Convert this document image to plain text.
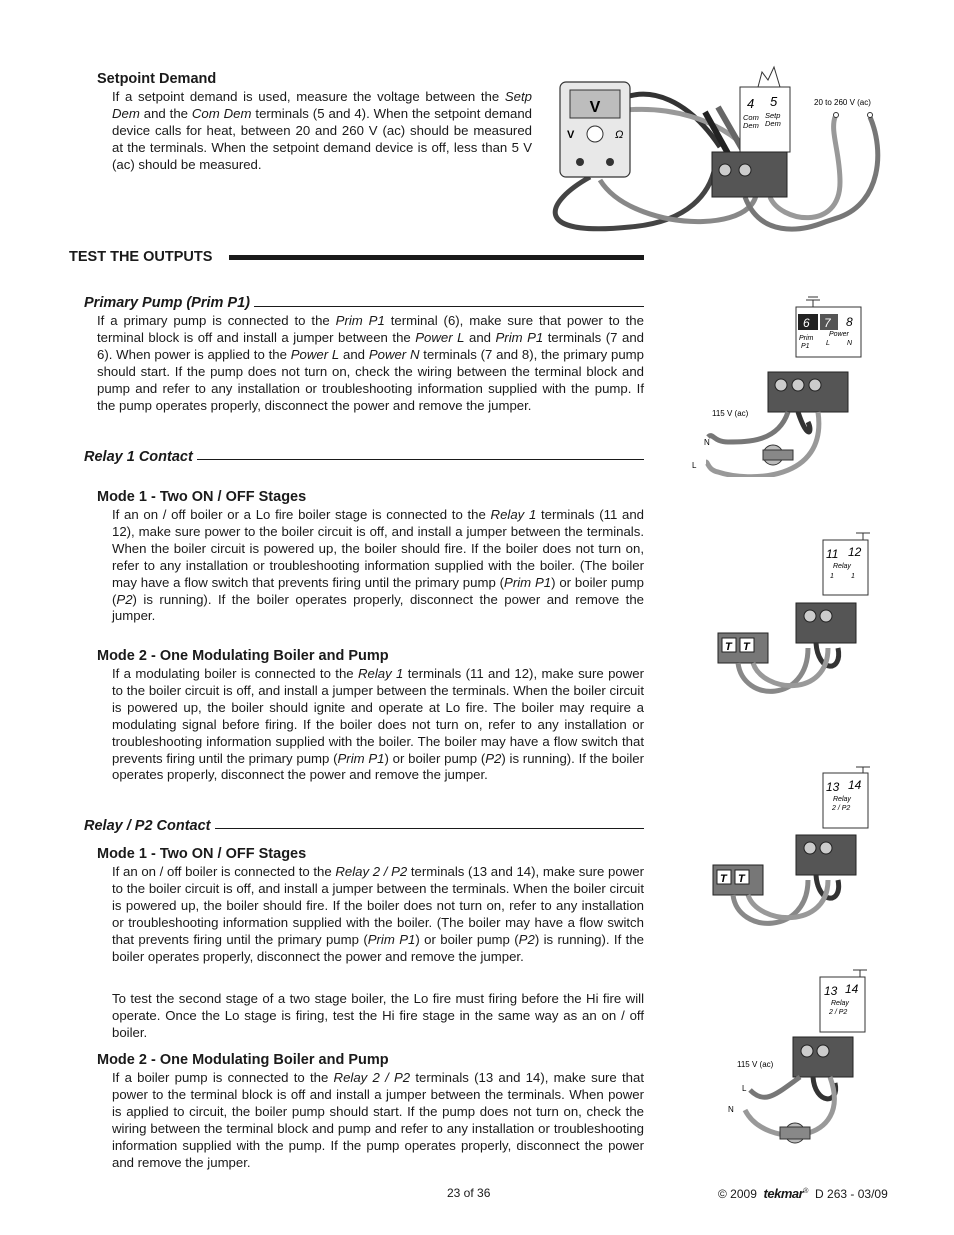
Setpoint Demand

If a setpoint demand is used, measure the voltage between the Setp Dem and the Com Dem terminals (5 and 4). When the setpoint demand device calls for heat, between 20 and 260 V (ac) should be measured at the terminals. When the setpoint demand device is off, less than 5 V (ac) should be measured.

V
V	Ω
4 5
Com
Dem
Setp
Dem
20 to 260 V (ac)
TEST THE OUTPUTS
Primary Pump (Prim P1)

If a primary pump is connected to the Prim P1 terminal (6), make sure that power to the terminal block is off and install a jumper between the Power L and Prim P1 terminals (7 and 6). When power is applied to the Power L and Power N terminals (7 and 8), the primary pump should start. If the pump does not turn on, check the wiring between the terminal block and pump and refer to any installation or troubleshooting information supplied with the pump. If the pump operates properly, disconnect the power and remove the jumper.

6 7 8
Prim
P1
Power
L N
115 V (ac)
N
L
Relay 1 Contact
Mode 1 - Two ON / OFF Stages

If an on / off boiler or a Lo fire boiler stage is connected to the Relay 1 terminals (11 and 12), make sure power to the boiler circuit is off, and install a jumper between the terminals. When the boiler circuit is powered up, the boiler should fire. If the boiler does not turn on, refer to any installation or troubleshooting information supplied with the boiler. (The boiler may have a flow switch that prevents firing until the primary pump (Prim P1) or boiler pump (P2) is running). If the boiler operates properly, disconnect the power and remove the jumper.

Mode 2 - One Modulating Boiler and Pump

If a modulating boiler is connected to the Relay 1 terminals (11 and 12), make sure power to the boiler circuit is off, and install a jumper between the terminals. When the boiler circuit is powered up, the boiler should ignite and operate at Lo fire. The boiler may require a modulating signal before firing. If the boiler does not turn on, refer to any installation or troubleshooting information supplied with the boiler. The boiler may have a flow switch that prevents firing until the primary pump (Prim P1) or boiler pump (P2) is running). If the boiler operates properly, disconnect the power and remove the jumper.

11 12
Relay
1 1
T T
Relay / P2 Contact
Mode 1 - Two ON / OFF Stages

If an on / off boiler is connected to the Relay 2 / P2 terminals (13 and 14), make sure power to the boiler circuit is off, and install a jumper between the terminals. When the boiler circuit is powered up, the boiler should fire. If the boiler does not turn on, refer to any installation or troubleshooting information supplied with the boiler. (The boiler may have a flow switch that prevents firing until the primary pump (Prim P1) or boiler pump (P2) is running). If the boiler operates properly, disconnect the power and remove the jumper.

To test the second stage of a two stage boiler, the Lo fire must firing before the Hi fire will operate. Once the Lo stage is firing, test the Hi fire stage in the same way as an on / off boiler.

Mode 2 - One Modulating Boiler and Pump

If a boiler pump is connected to the Relay 2 / P2 terminals (13 and 14), make sure that power to the terminal block is off and install a jumper between the terminals. When power is applied to circuit, the boiler pump should start. If the pump does not turn on, check the wiring between the terminal block and pump and refer to any installation or troubleshooting information supplied with the pump. If the pump operates properly, disconnect the power and remove the jumper.

13 14
Relay
2 / P2
T T
13 14
Relay
2 / P2
115 V (ac)
L
N
23 of 36	© 2009 tekmar® D 263 - 03/09
